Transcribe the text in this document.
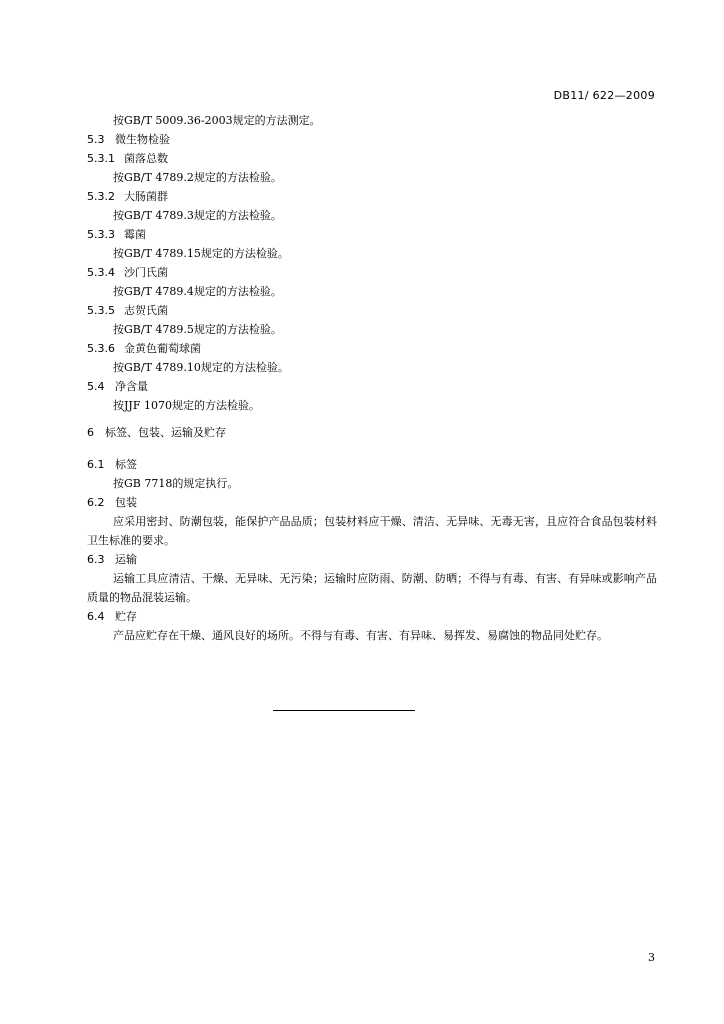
DB11/ 622—2009
按GB/T 5009.36-2003规定的方法测定。
5.3 微生物检验
5.3.1 菌落总数
按GB/T 4789.2规定的方法检验。
5.3.2 大肠菌群
按GB/T 4789.3规定的方法检验。
5.3.3 霉菌
按GB/T 4789.15规定的方法检验。
5.3.4 沙门氏菌
按GB/T 4789.4规定的方法检验。
5.3.5 志贺氏菌
按GB/T 4789.5规定的方法检验。
5.3.6 金黄色葡萄球菌
按GB/T 4789.10规定的方法检验。
5.4 净含量
按JJF 1070规定的方法检验。
6 标签、包装、运输及贮存
6.1 标签
按GB 7718的规定执行。
6.2 包装
应采用密封、防潮包装，能保护产品品质；包装材料应干燥、清洁、无异味、无毒无害，且应符合食品包装材料卫生标准的要求。
6.3 运输
运输工具应清洁、干燥、无异味、无污染；运输时应防雨、防潮、防晒；不得与有毒、有害、有异味或影响产品质量的物品混装运输。
6.4 贮存
产品应贮存在干燥、通风良好的场所。不得与有毒、有害、有异味、易挥发、易腐蚀的物品同处贮存。
3
